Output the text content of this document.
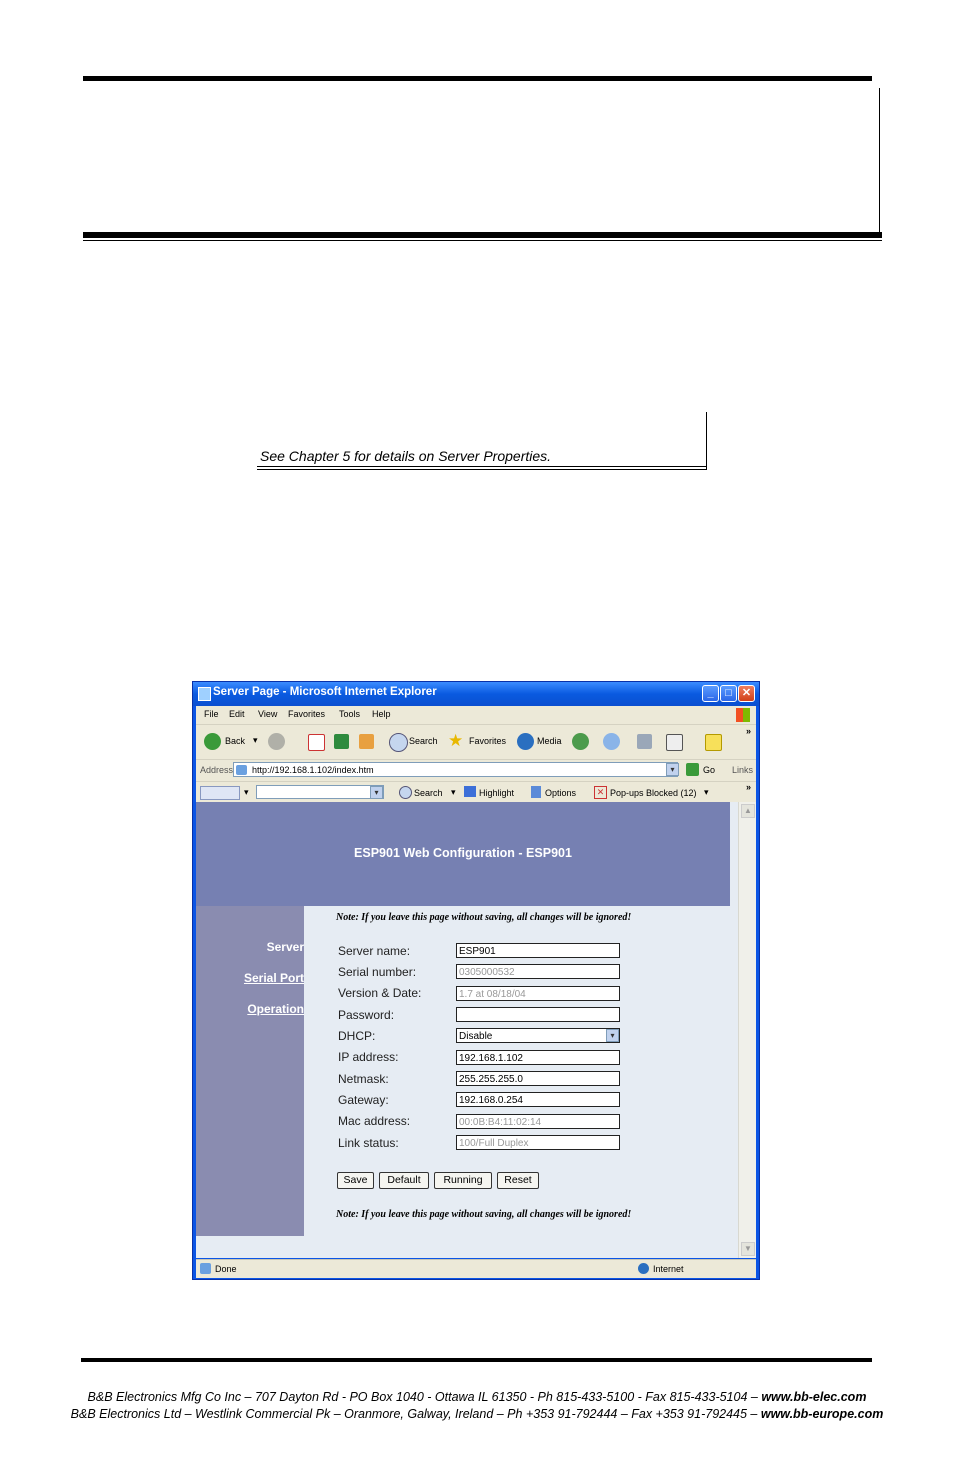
See Chapter 5 for details on Server Properties.
Server Page - Microsoft Internet Explorer	_	□ ✕
File Edit View Favorites Tools Help
Back ▾	Search ★ Favorites	Media
»
Address	http://192.168.1.102/index.htm	▾	Go Links
▾	▾	Search ▾	Highlight	Options	✕ Pop-ups Blocked (12) ▾	»
ESP901 Web Configuration - ESP901
Server
Serial Port
Operation
Note: If you leave this page without saving, all changes will be ignored!
Server name:	ESP901
Serial number:	0305000532
Version & Date:	1.7 at 08/18/04
Password:
DHCP:	Disable	▾
IP address:	192.168.1.102
Netmask:	255.255.255.0
Gateway:	192.168.0.254
Mac address:	00:0B:B4:11:02:14
Link status:	100/Full Duplex
Save	Default	Running	Reset
Note: If you leave this page without saving, all changes will be ignored!
▲
▼
Done	Internet
B&B Electronics Mfg Co Inc – 707 Dayton Rd - PO Box 1040 - Ottawa IL 61350 - Ph 815-433-5100 - Fax 815-433-5104 – www.bb-elec.com
B&B Electronics Ltd – Westlink Commercial Pk – Oranmore, Galway, Ireland – Ph +353 91-792444 – Fax +353 91-792445 – www.bb-europe.com
